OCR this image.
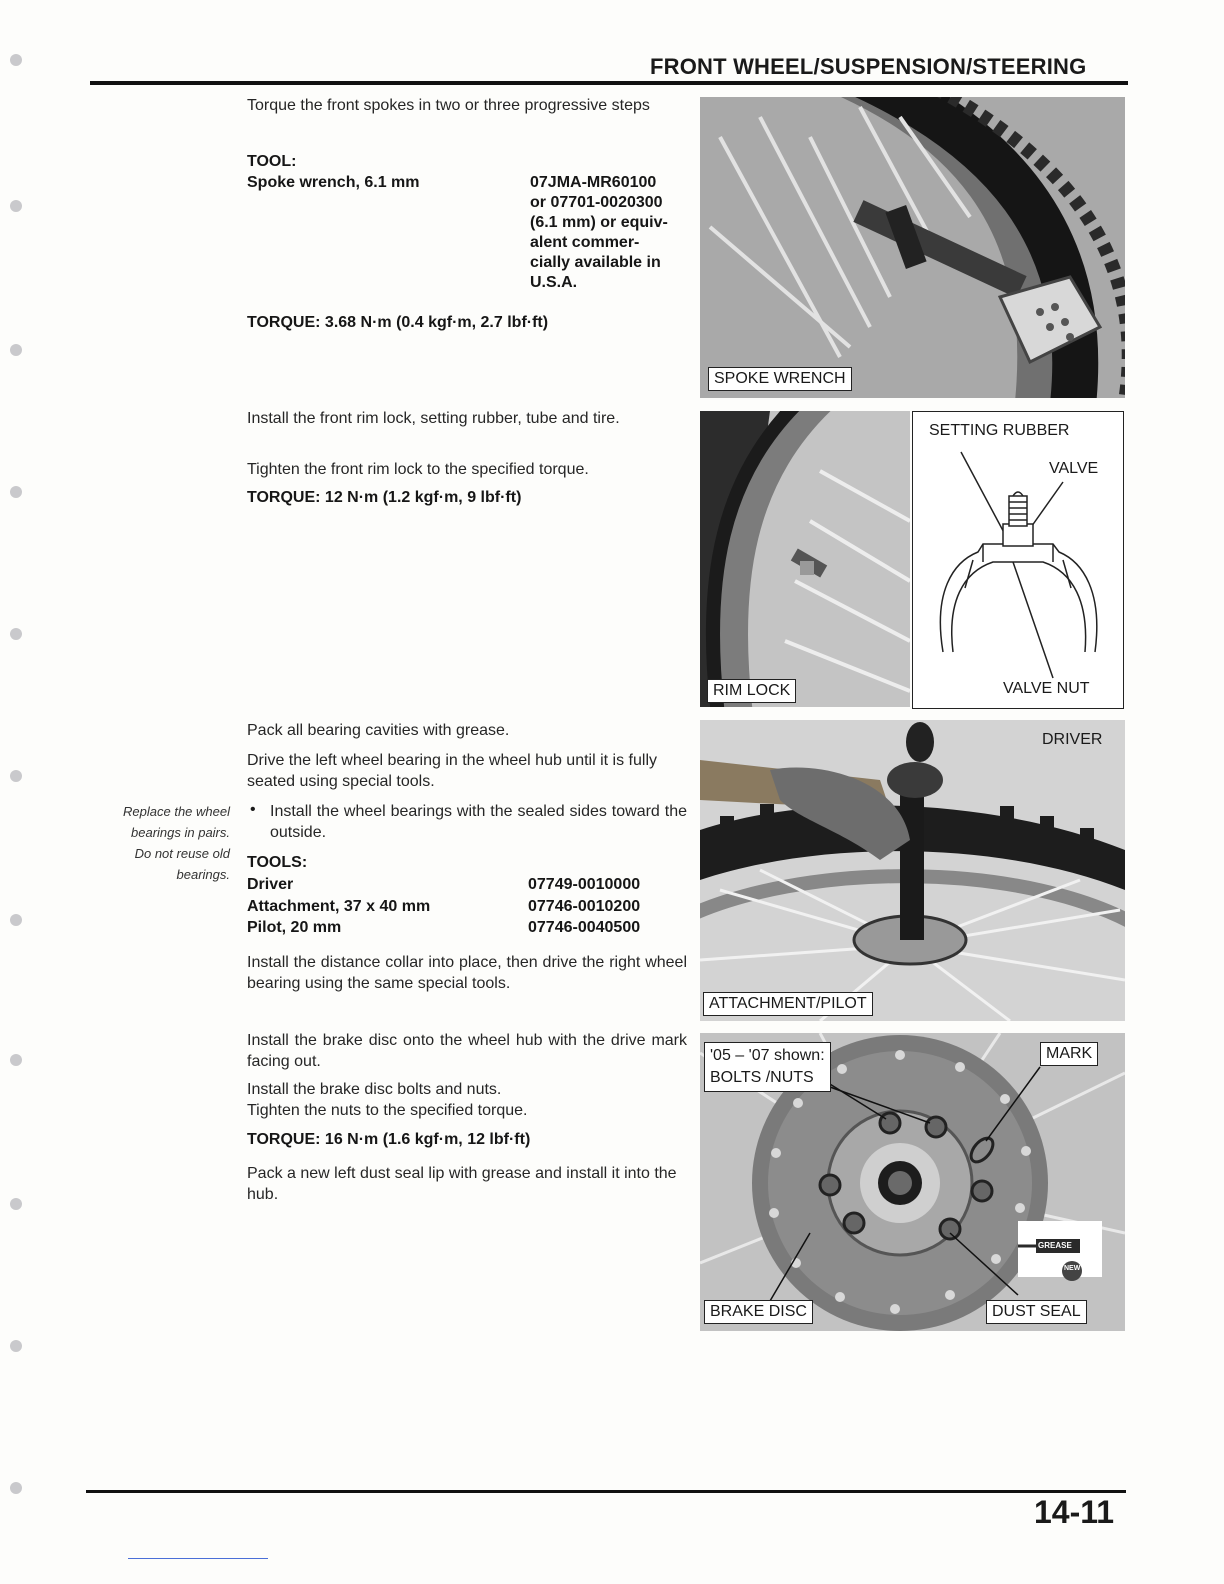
FRONT WHEEL/SUSPENSION/STEERING

Torque the front spokes in two or three progressive steps

TOOL:
Spoke wrench, 6.1 mm	07JMA-MR60100
or 07701-0020300
(6.1 mm) or equiv-
alent commer-
cially available in
U.S.A.
TORQUE: 3.68 N·m (0.4 kgf·m, 2.7 lbf·ft)

Install the front rim lock, setting rubber, tube and tire.

Tighten the front rim lock to the specified torque.

TORQUE: 12 N·m (1.2 kgf·m, 9 lbf·ft)

Pack all bearing cavities with grease.

Drive the left wheel bearing in the wheel hub until it is fully seated using special tools.

• Install the wheel bearings with the sealed sides toward the outside.

Replace the wheel
bearings in pairs.
Do not reuse old
bearings.
TOOLS:
Driver	07749-0010000
Attachment, 37 x 40 mm	07746-0010200
Pilot, 20 mm	07746-0040500

Install the distance collar into place, then drive the right wheel bearing using the same special tools.

Install the brake disc onto the wheel hub with the drive mark facing out.

Install the brake disc bolts and nuts.

Tighten the nuts to the specified torque.

TORQUE: 16 N·m (1.6 kgf·m, 12 lbf·ft)

Pack a new left dust seal lip with grease and install it into the hub.

SPOKE WRENCH
RIM LOCK
SETTING RUBBER
VALVE
VALVE NUT
DRIVER
ATTACHMENT/PILOT
'05 – '07 shown:
BOLTS /NUTS
MARK
GREASE
NEW
BRAKE DISC	DUST SEAL
14-11
